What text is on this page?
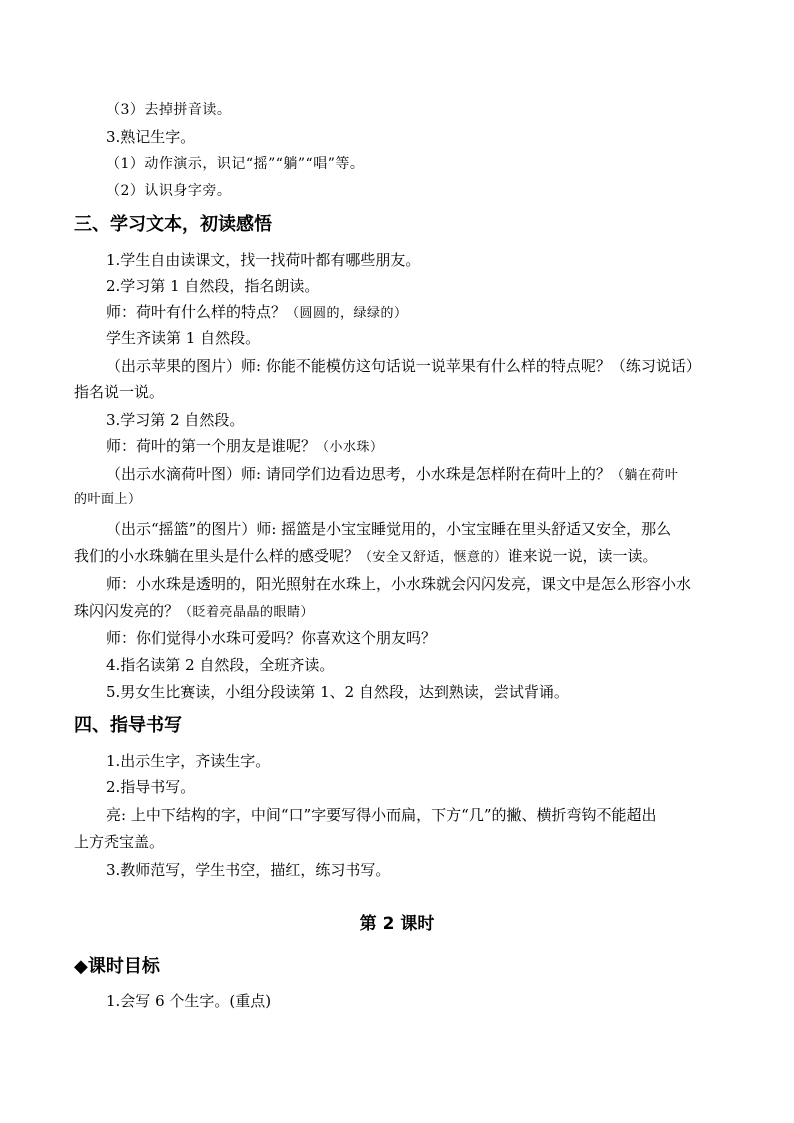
（3）去掉拼音读。
3.熟记生字。
（1）动作演示，识记“摇”“躺”“唱”等。
（2）认识身字旁。
三、学习文本，初读感悟
1.学生自由读课文，找一找荷叶都有哪些朋友。
2.学习第 1 自然段，指名朗读。
师：荷叶有什么样的特点？（圆圆的，绿绿的）
学生齐读第 1 自然段。
（出示苹果的图片）师: 你能不能模仿这句话说一说苹果有什么样的特点呢？（练习说话）
指名说一说。
3.学习第 2 自然段。
师：荷叶的第一个朋友是谁呢？（小水珠）
（出示水滴荷叶图）师: 请同学们边看边思考，小水珠是怎样附在荷叶上的？（躺在荷叶
的叶面上）
（出示“摇篮”的图片）师: 摇篮是小宝宝睡觉用的，小宝宝睡在里头舒适又安全，那么
我们的小水珠躺在里头是什么样的感受呢？（安全又舒适，惬意的）谁来说一说，读一读。
师：小水珠是透明的，阳光照射在水珠上，小水珠就会闪闪发亮，课文中是怎么形容小水
珠闪闪发亮的？（眨着亮晶晶的眼睛）
师：你们觉得小水珠可爱吗？你喜欢这个朋友吗？
4.指名读第 2 自然段，全班齐读。
5.男女生比赛读，小组分段读第 1、2 自然段，达到熟读，尝试背诵。
四、指导书写
1.出示生字，齐读生字。
2.指导书写。
亮: 上中下结构的字，中间“口”字要写得小而扁，下方“几”的撇、横折弯钩不能超出
上方秃宝盖。
3.教师范写，学生书空，描红，练习书写。
第 2 课时
◆课时目标
1.会写 6 个生字。(重点)
